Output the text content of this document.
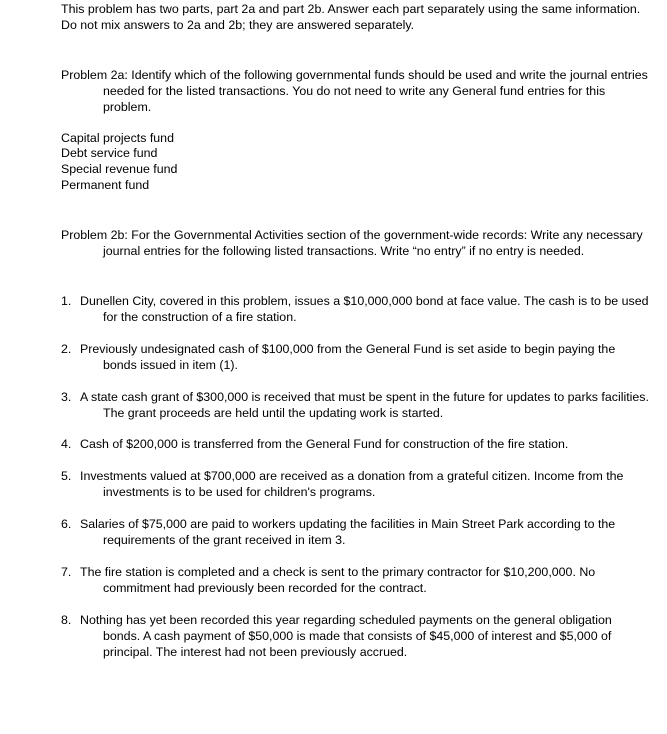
This problem has two parts, part 2a and part 2b. Answer each part separately using the same information. Do not mix answers to 2a and 2b; they are answered separately.

Problem 2a: Identify which of the following governmental funds should be used and write the journal entries needed for the listed transactions. You do not need to write any General fund entries for this problem.

Capital projects fund

Debt service fund

Special revenue fund

Permanent fund

Problem 2b: For the Governmental Activities section of the government-wide records: Write any necessary journal entries for the following listed transactions. Write “no entry” if no entry is needed.

1. Dunellen City, covered in this problem, issues a $10,000,000 bond at face value. The cash is to be used for the construction of a fire station.
2. Previously undesignated cash of $100,000 from the General Fund is set aside to begin paying the bonds issued in item (1).
3. A state cash grant of $300,000 is received that must be spent in the future for updates to parks facilities. The grant proceeds are held until the updating work is started.
4. Cash of $200,000 is transferred from the General Fund for construction of the fire station.
5. Investments valued at $700,000 are received as a donation from a grateful citizen. Income from the investments is to be used for children's programs.
6. Salaries of $75,000 are paid to workers updating the facilities in Main Street Park according to the requirements of the grant received in item 3.
7. The fire station is completed and a check is sent to the primary contractor for $10,200,000. No commitment had previously been recorded for the contract.
8. Nothing has yet been recorded this year regarding scheduled payments on the general obligation bonds. A cash payment of $50,000 is made that consists of $45,000 of interest and $5,000 of principal. The interest had not been previously accrued.
